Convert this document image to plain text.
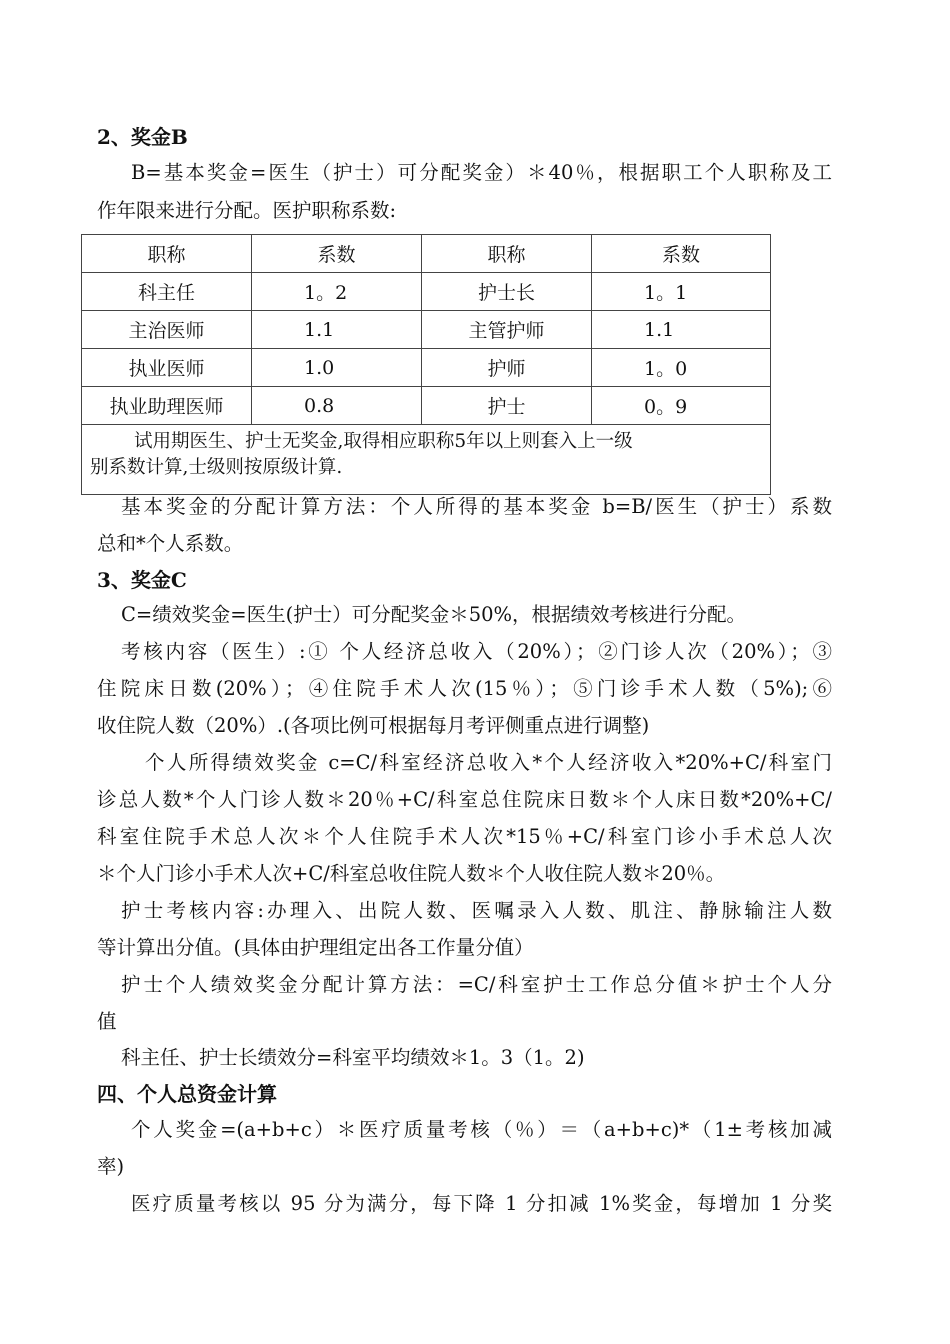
2、奖金B
B=基本奖金=医生（护士）可分配奖金）＊40％，根据职工个人职称及工
作年限来进行分配。医护职称系数:
职称	系数	职称	系数
科主任	1。2	护士长	1。1
主治医师	1.1	主管护师	1.1
执业医师	1.0	护师	1。0
执业助理医师	0.8	护士	0。9

试用期医生、护士无奖金,取得相应职称5年以上则套入上一级
别系数计算,士级则按原级计算.			
基本奖金的分配计算方法：个人所得的基本奖金 b=B/医生（护士）系数
总和*个人系数。
3、奖金C
C=绩效奖金=医生(护士）可分配奖金＊50%，根据绩效考核进行分配。
考核内容（医生）:① 个人经济总收入（20%）；②门诊人次（20%）；③
住院床日数(20%）；④住院手术人次(15％）；⑤门诊手术人数（5%);⑥
收住院人数（20%）.(各项比例可根据每月考评侧重点进行调整)
个人所得绩效奖金 c=C/科室经济总收入*个人经济收入*20%+C/科室门
诊总人数*个人门诊人数＊20％+C/科室总住院床日数＊个人床日数*20%+C/
科室住院手术总人次＊个人住院手术人次*15％+C/科室门诊小手术总人次
＊个人门诊小手术人次+C/科室总收住院人数＊个人收住院人数＊20％。
护士考核内容:办理入、出院人数、医嘱录入人数、肌注、静脉输注人数
等计算出分值。(具体由护理组定出各工作量分值）
护士个人绩效奖金分配计算方法：=C/科室护士工作总分值＊护士个人分
值
科主任、护士长绩效分=科室平均绩效＊1。3（1。2)
四、个人总资金计算
个人奖金=(a+b+c）＊医疗质量考核（％）＝（a+b+c)*（1±考核加减
率)
医疗质量考核以 95 分为满分，每下降 1 分扣减 1%奖金，每增加 1 分奖
